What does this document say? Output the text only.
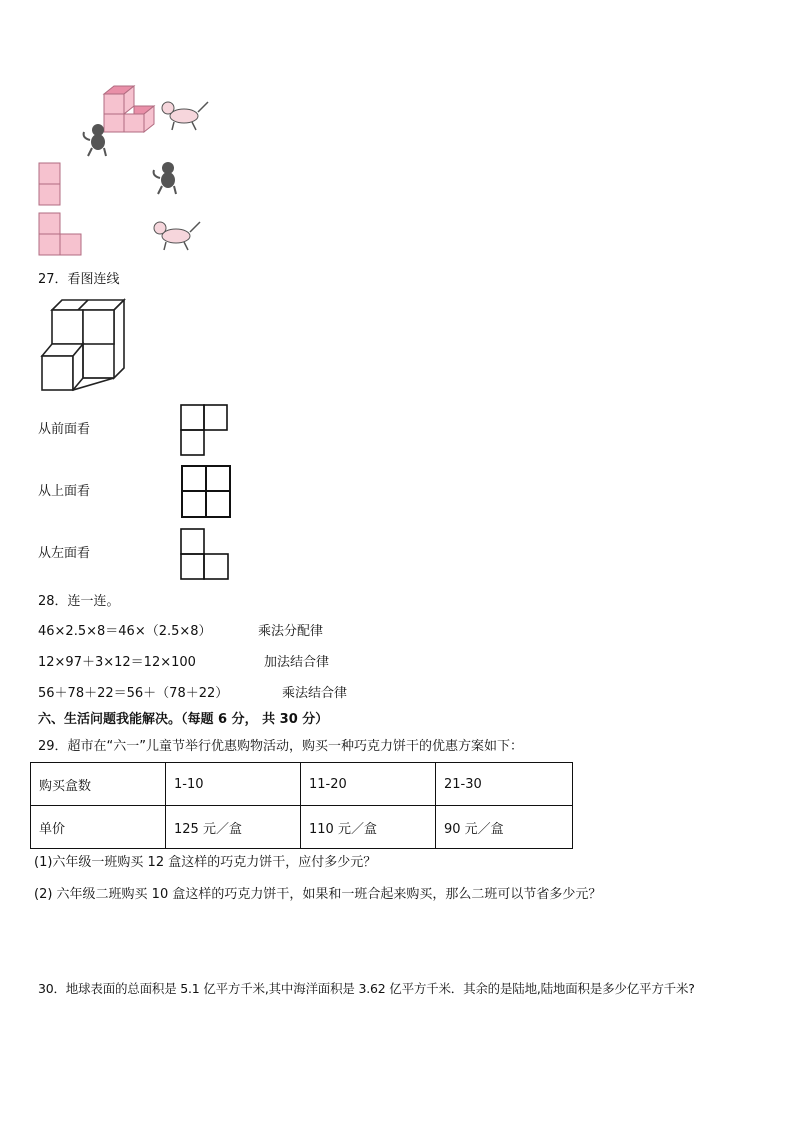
27．看图连线
从前面看
从上面看
从左面看
28．连一连。
46×2.5×8＝46×（2.5×8）	乘法分配律
12×97＋3×12＝12×100	加法结合律
56＋78＋22＝56＋（78＋22）	乘法结合律
六、生活问题我能解决。（每题 6 分， 共 30 分）
29．超市在“六一”儿童节举行优惠购物活动，购买一种巧克力饼干的优惠方案如下：
购买盒数	1-10	11-20	21-30
单价	125 元／盒	110 元／盒	90 元／盒
(1)六年级一班购买 12 盒这样的巧克力饼干，应付多少元？
(2) 六年级二班购买 10 盒这样的巧克力饼干，如果和一班合起来购买，那么二班可以节省多少元？
30．地球表面的总面积是 5.1 亿平方千米,其中海洋面积是 3.62 亿平方千米．其余的是陆地,陆地面积是多少亿平方千米?
